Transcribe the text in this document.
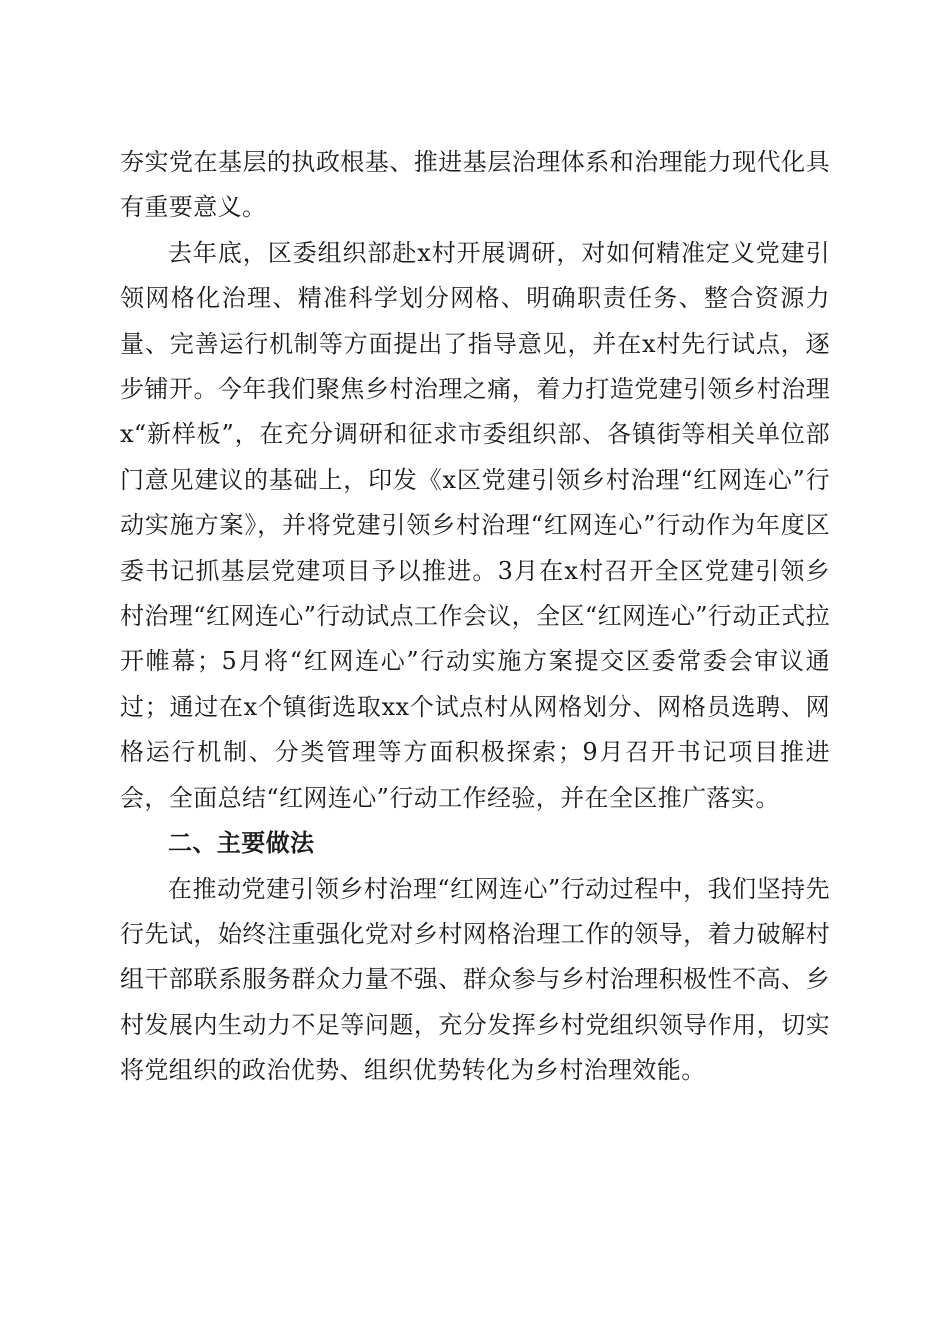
夯实党在基层的执政根基、推进基层治理体系和治理能力现代化具有重要意义。

去年底，区委组织部赴x村开展调研，对如何精准定义党建引领网格化治理、精准科学划分网格、明确职责任务、整合资源力量、完善运行机制等方面提出了指导意见，并在x村先行试点，逐步铺开。今年我们聚焦乡村治理之痛，着力打造党建引领乡村治理x“新样板”，在充分调研和征求市委组织部、各镇街等相关单位部门意见建议的基础上，印发《x区党建引领乡村治理“红网连心”行动实施方案》，并将党建引领乡村治理“红网连心”行动作为年度区委书记抓基层党建项目予以推进。3月在x村召开全区党建引领乡村治理“红网连心”行动试点工作会议，全区“红网连心”行动正式拉开帷幕；5月将“红网连心”行动实施方案提交区委常委会审议通过；通过在x个镇街选取xx个试点村从网格划分、网格员选聘、网格运行机制、分类管理等方面积极探索；9月召开书记项目推进会，全面总结“红网连心”行动工作经验，并在全区推广落实。

二、主要做法

在推动党建引领乡村治理“红网连心”行动过程中，我们坚持先行先试，始终注重强化党对乡村网格治理工作的领导，着力破解村组干部联系服务群众力量不强、群众参与乡村治理积极性不高、乡村发展内生动力不足等问题，充分发挥乡村党组织领导作用，切实将党组织的政治优势、组织优势转化为乡村治理效能。
